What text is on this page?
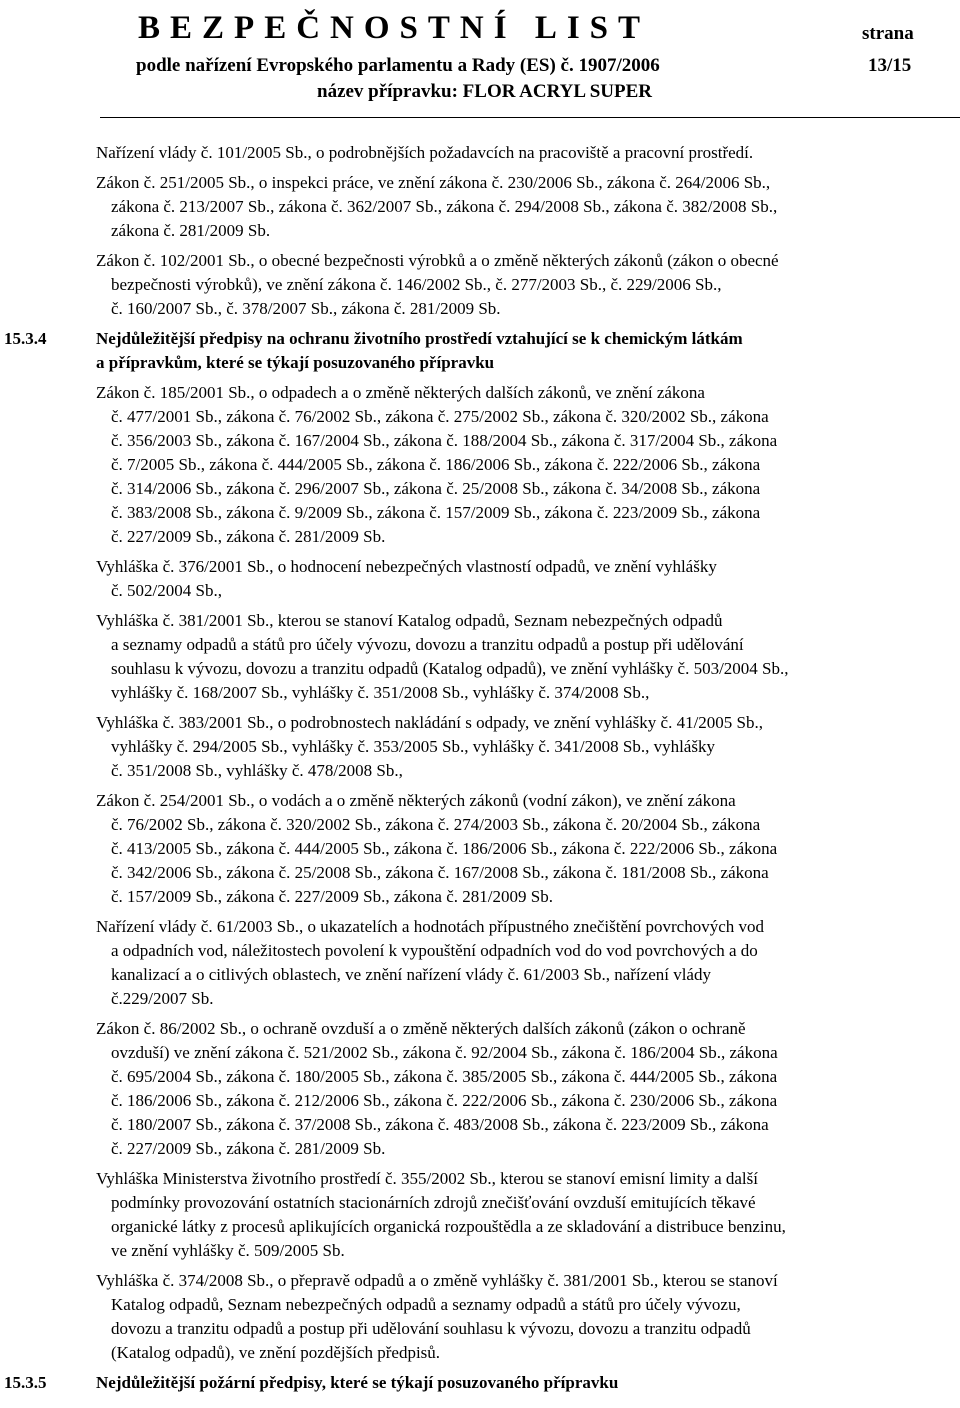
BEZPEČNOSTNÍ LIST
podle nařízení Evropského parlamentu a Rady (ES) č. 1907/2006
název přípravku: FLOR ACRYL SUPER
strana
13/15
Nařízení vlády č. 101/2005 Sb., o podrobnějších požadavcích na pracoviště a pracovní prostředí.
Zákon č. 251/2005 Sb., o inspekci práce, ve znění zákona č. 230/2006 Sb., zákona č. 264/2006 Sb.,
zákona č. 213/2007 Sb., zákona č. 362/2007 Sb., zákona č. 294/2008 Sb., zákona č. 382/2008 Sb.,
zákona č. 281/2009 Sb.
Zákon č. 102/2001 Sb., o obecné bezpečnosti výrobků a o změně některých zákonů (zákon o obecné
bezpečnosti výrobků), ve znění zákona č. 146/2002 Sb., č. 277/2003 Sb., č. 229/2006 Sb.,
č. 160/2007 Sb., č. 378/2007 Sb., zákona č. 281/2009 Sb.
15.3.4	Nejdůležitější předpisy na ochranu životního prostředí vztahující se k chemickým látkám
a přípravkům, které se týkají posuzovaného přípravku
Zákon č. 185/2001 Sb., o odpadech a o změně některých dalších zákonů, ve znění zákona
č. 477/2001 Sb., zákona č. 76/2002 Sb., zákona č. 275/2002 Sb., zákona č. 320/2002 Sb., zákona
č. 356/2003 Sb., zákona č. 167/2004 Sb., zákona č. 188/2004 Sb., zákona č. 317/2004 Sb., zákona
č. 7/2005 Sb., zákona č. 444/2005 Sb., zákona č. 186/2006 Sb., zákona č. 222/2006 Sb., zákona
č. 314/2006 Sb., zákona č. 296/2007 Sb., zákona č. 25/2008 Sb., zákona č. 34/2008 Sb., zákona
č. 383/2008 Sb., zákona č. 9/2009 Sb., zákona č. 157/2009 Sb., zákona č. 223/2009 Sb., zákona
č. 227/2009 Sb., zákona č. 281/2009 Sb.
Vyhláška č. 376/2001 Sb., o hodnocení nebezpečných vlastností odpadů, ve znění vyhlášky
č. 502/2004 Sb.,
Vyhláška č. 381/2001 Sb., kterou se stanoví Katalog odpadů, Seznam nebezpečných odpadů
a seznamy odpadů a států pro účely vývozu, dovozu a tranzitu odpadů a postup při udělování
souhlasu k vývozu, dovozu a tranzitu odpadů (Katalog odpadů), ve znění vyhlášky č. 503/2004 Sb.,
vyhlášky č. 168/2007 Sb., vyhlášky č. 351/2008 Sb., vyhlášky č. 374/2008 Sb.,
Vyhláška č. 383/2001 Sb., o podrobnostech nakládání s odpady, ve znění vyhlášky č. 41/2005 Sb.,
vyhlášky č. 294/2005 Sb., vyhlášky č. 353/2005 Sb., vyhlášky č. 341/2008 Sb., vyhlášky
č. 351/2008 Sb., vyhlášky č. 478/2008 Sb.,
Zákon č. 254/2001 Sb., o vodách a o změně některých zákonů (vodní zákon), ve znění zákona
č. 76/2002 Sb., zákona č. 320/2002 Sb., zákona č. 274/2003 Sb., zákona č. 20/2004 Sb., zákona
č. 413/2005 Sb., zákona č. 444/2005 Sb., zákona č. 186/2006 Sb., zákona č. 222/2006 Sb., zákona
č. 342/2006 Sb., zákona č. 25/2008 Sb., zákona č. 167/2008 Sb., zákona č. 181/2008 Sb., zákona
č. 157/2009 Sb., zákona č. 227/2009 Sb., zákona č. 281/2009 Sb.
Nařízení vlády č. 61/2003 Sb., o ukazatelích a hodnotách přípustného znečištění povrchových vod
a odpadních vod, náležitostech povolení k vypouštění odpadních vod do vod povrchových a do
kanalizací a o citlivých oblastech, ve znění nařízení vlády č. 61/2003 Sb., nařízení vlády
č.229/2007 Sb.
Zákon č. 86/2002 Sb., o ochraně ovzduší a o změně některých dalších zákonů (zákon o ochraně
ovzduší) ve znění zákona č. 521/2002 Sb., zákona č. 92/2004 Sb., zákona č. 186/2004 Sb., zákona
č. 695/2004 Sb., zákona č. 180/2005 Sb., zákona č. 385/2005 Sb., zákona č. 444/2005 Sb., zákona
č. 186/2006 Sb., zákona č. 212/2006 Sb., zákona č. 222/2006 Sb., zákona č. 230/2006 Sb., zákona
č. 180/2007 Sb., zákona č. 37/2008 Sb., zákona č. 483/2008 Sb., zákona č. 223/2009 Sb., zákona
č. 227/2009 Sb., zákona č. 281/2009 Sb.
Vyhláška Ministerstva životního prostředí č. 355/2002 Sb., kterou se stanoví emisní limity a další
podmínky provozování ostatních stacionárních zdrojů znečišťování ovzduší emitujících těkavé
organické látky z procesů aplikujících organická rozpouštědla a ze skladování a distribuce benzinu,
ve znění vyhlášky č. 509/2005 Sb.
Vyhláška č. 374/2008 Sb., o přepravě odpadů a o změně vyhlášky č. 381/2001 Sb., kterou se stanoví
Katalog odpadů, Seznam nebezpečných odpadů a seznamy odpadů a států pro účely vývozu,
dovozu a tranzitu odpadů a postup při udělování souhlasu k vývozu, dovozu a tranzitu odpadů
(Katalog odpadů), ve znění pozdějších předpisů.
15.3.5	Nejdůležitější požární předpisy, které se týkají posuzovaného přípravku
